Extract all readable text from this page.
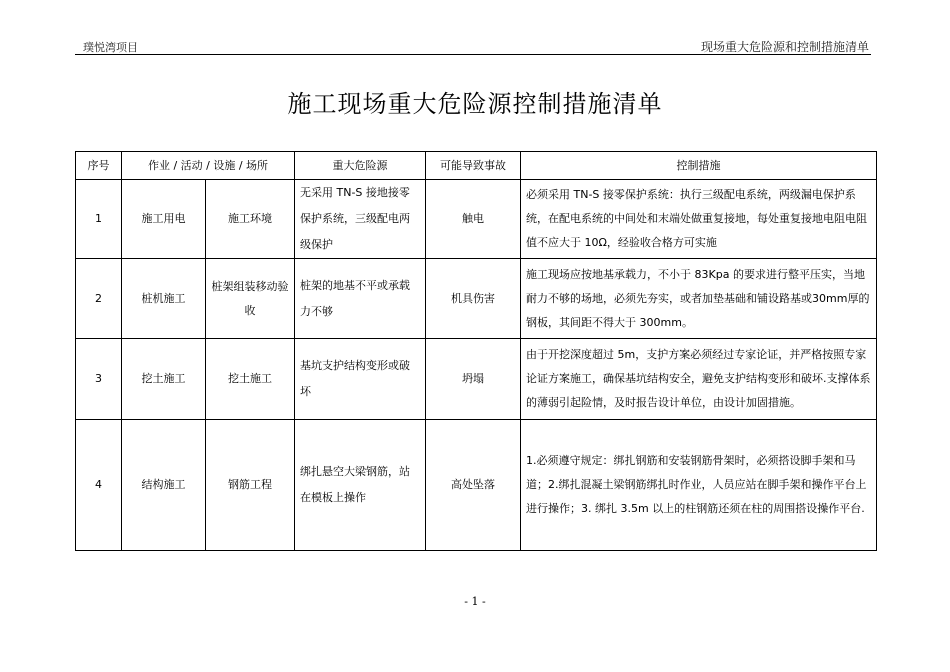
璞悦湾项目	现场重大危险源和控制措施清单
施工现场重大危险源控制措施清单
序号	作业 / 活动 / 设施 / 场所		重大危险源	可能导致事故	控制措施
1	施工用电	施工环境	无采用 TN-S 接地接零保护系统，三级配电两级保护	触电	必须采用 TN-S 接零保护系统：执行三级配电系统，两级漏电保护系统，在配电系统的中间处和末端处做重复接地，每处重复接地电阻电阻值不应大于 10Ω，经验收合格方可实施
2	桩机施工	桩架组装移动验收	桩架的地基不平或承载力不够	机具伤害	施工现场应按地基承载力，不小于 83Kpa 的要求进行整平压实，当地耐力不够的场地，必须先夯实，或者加垫基础和铺设路基或30mm厚的钢板，其间距不得大于 300mm。
3	挖土施工	挖土施工	基坑支护结构变形或破坏	坍塌	由于开挖深度超过 5m，支护方案必须经过专家论证，并严格按照专家论证方案施工，确保基坑结构安全，避免支护结构变形和破坏.支撑体系的薄弱引起险情，及时报告设计单位，由设计加固措施。
4	结构施工	钢筋工程	绑扎悬空大梁钢筋，站在模板上操作	高处坠落	1.必须遵守规定：绑扎钢筋和安装钢筋骨架时，必须搭设脚手架和马道；2.绑扎混凝土梁钢筋绑扎时作业，人员应站在脚手架和操作平台上进行操作；3. 绑扎 3.5m 以上的柱钢筋还须在柱的周围搭设操作平台.
- 1 -
